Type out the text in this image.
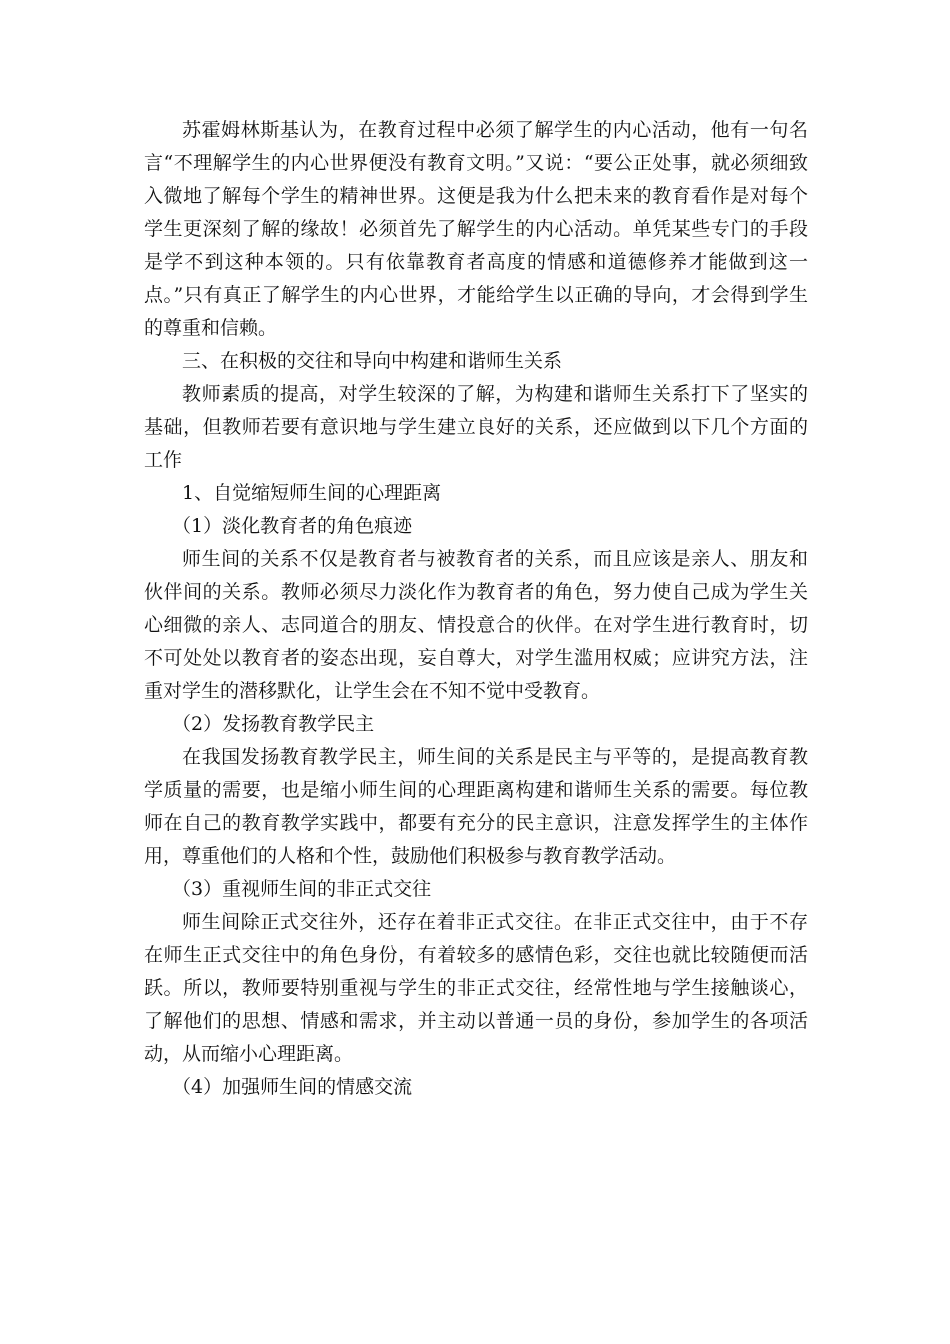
苏霍姆林斯基认为，在教育过程中必须了解学生的内心活动，他有一句名言“不理解学生的内心世界便没有教育文明。”又说：“要公正处事，就必须细致入微地了解每个学生的精神世界。这便是我为什么把未来的教育看作是对每个学生更深刻了解的缘故！必须首先了解学生的内心活动。单凭某些专门的手段是学不到这种本领的。只有依靠教育者高度的情感和道德修养才能做到这一点。”只有真正了解学生的内心世界，才能给学生以正确的导向，才会得到学生的尊重和信赖。

三、在积极的交往和导向中构建和谐师生关系

教师素质的提高，对学生较深的了解，为构建和谐师生关系打下了坚实的基础，但教师若要有意识地与学生建立良好的关系，还应做到以下几个方面的工作

1、自觉缩短师生间的心理距离

（1）淡化教育者的角色痕迹

师生间的关系不仅是教育者与被教育者的关系，而且应该是亲人、朋友和伙伴间的关系。教师必须尽力淡化作为教育者的角色，努力使自己成为学生关心细微的亲人、志同道合的朋友、情投意合的伙伴。在对学生进行教育时，切不可处处以教育者的姿态出现，妄自尊大，对学生滥用权威；应讲究方法，注重对学生的潜移默化，让学生会在不知不觉中受教育。

（2）发扬教育教学民主

在我国发扬教育教学民主，师生间的关系是民主与平等的，是提高教育教学质量的需要，也是缩小师生间的心理距离构建和谐师生关系的需要。每位教师在自己的教育教学实践中，都要有充分的民主意识，注意发挥学生的主体作用，尊重他们的人格和个性，鼓励他们积极参与教育教学活动。

（3）重视师生间的非正式交往

师生间除正式交往外，还存在着非正式交往。在非正式交往中，由于不存在师生正式交往中的角色身份，有着较多的感情色彩，交往也就比较随便而活跃。所以，教师要特别重视与学生的非正式交往，经常性地与学生接触谈心，了解他们的思想、情感和需求，并主动以普通一员的身份，参加学生的各项活动，从而缩小心理距离。

（4）加强师生间的情感交流
